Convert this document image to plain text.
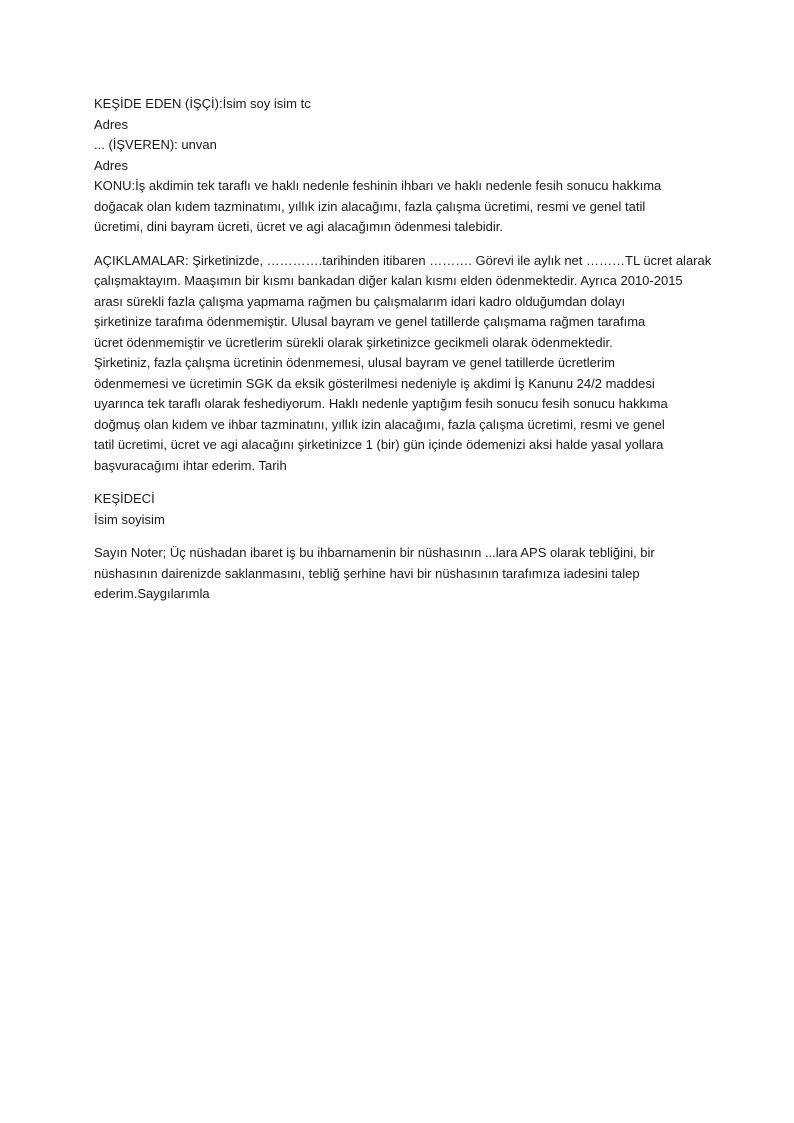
KEŞİDE EDEN (İŞÇİ):İsim soy isim tc
Adres
... (İŞVEREN): unvan
Adres
KONU:İş akdimin tek taraflı ve haklı nedenle feshinin ihbarı ve haklı nedenle fesih sonucu hakkıma
doğacak olan kıdem tazminatımı, yıllık izin alacağımı, fazla çalışma ücretimi, resmi ve genel tatil
ücretimi, dini bayram ücreti, ücret ve agi alacağımın ödenmesi talebidir.
AÇIKLAMALAR: Şirketinizde, ………….tarihinden itibaren ………. Görevi ile aylık net ………TL ücret alarak
çalışmaktayım. Maaşımın bir kısmı bankadan diğer kalan kısmı elden ödenmektedir. Ayrıca 2010-2015
arası sürekli fazla çalışma yapmama rağmen bu çalışmalarım idari kadro olduğumdan dolayı
şirketinize tarafıma ödenmemiştir. Ulusal bayram ve genel tatillerde çalışmama rağmen tarafıma
ücret ödenmemiştir ve ücretlerim sürekli olarak şirketinizce gecikmeli olarak ödenmektedir.
Şirketiniz, fazla çalışma ücretinin ödenmemesi, ulusal bayram ve genel tatillerde ücretlerim
ödenmemesi ve ücretimin SGK da eksik gösterilmesi nedeniyle iş akdimi İş Kanunu 24/2 maddesi
uyarınca tek taraflı olarak feshediyorum. Haklı nedenle yaptığım fesih sonucu fesih sonucu hakkıma
doğmuş olan kıdem ve ihbar tazminatını, yıllık izin alacağımı, fazla çalışma ücretimi, resmi ve genel
tatil ücretimi, ücret ve agi alacağını şirketinizce 1 (bir) gün içinde ödemenizi aksi halde yasal yollara
başvuracağımı ihtar ederim. Tarih
KEŞİDECİ
İsim soyisim
Sayın Noter; Üç nüshadan ibaret iş bu ihbarnamenin bir nüshasının ...lara APS olarak tebliğini, bir
nüshasının dairenizde saklanmasını, tebliğ şerhine havi bir nüshasının tarafımıza iadesini talep
ederim.Saygılarımla
